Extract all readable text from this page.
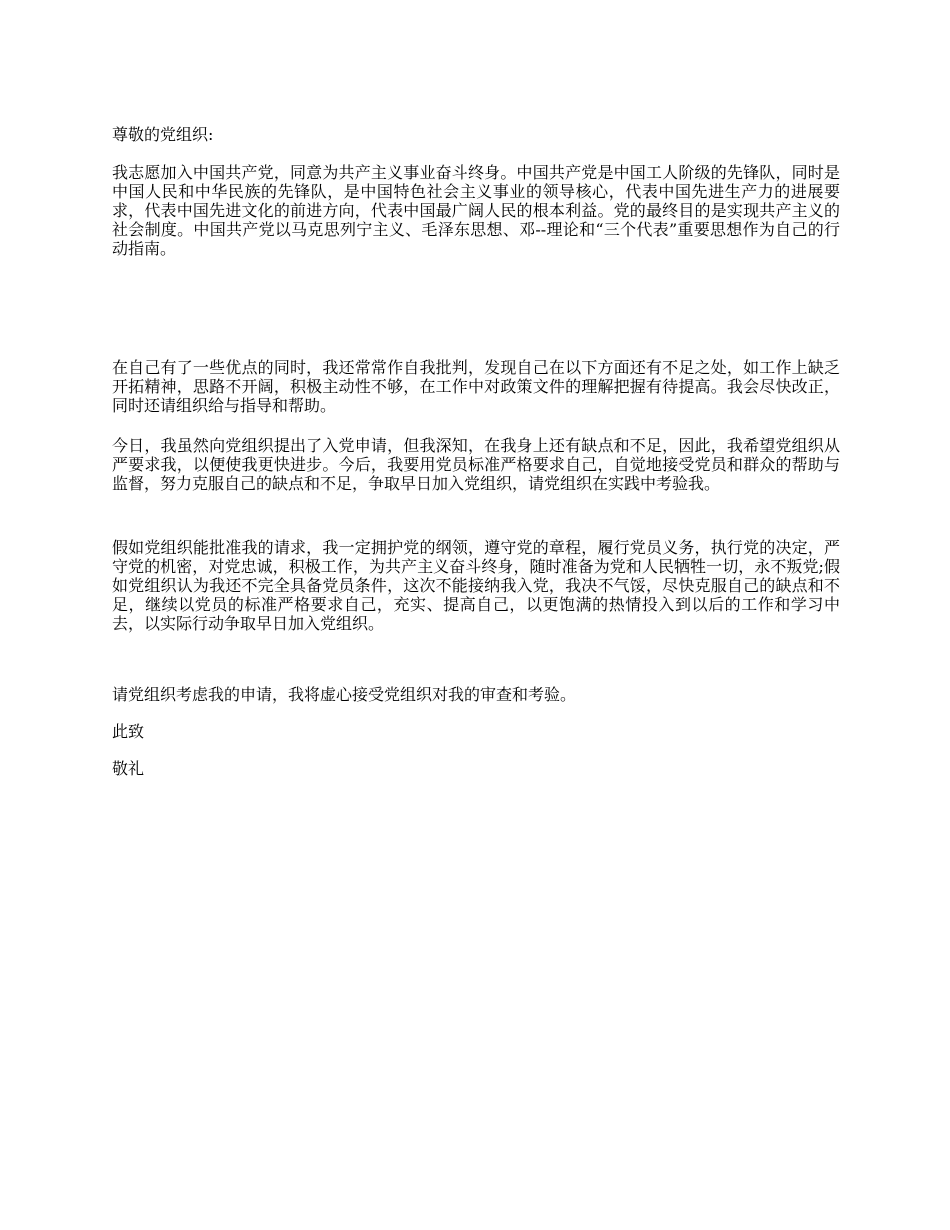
尊敬的党组织:

我志愿加入中国共产党，同意为共产主义事业奋斗终身。中国共产党是中国工人阶级的先锋队，同时是中国人民和中华民族的先锋队，是中国特色社会主义事业的领导核心，代表中国先进生产力的进展要求，代表中国先进文化的前进方向，代表中国最广阔人民的根本利益。党的最终目的是实现共产主义的社会制度。中国共产党以马克思列宁主义、毛泽东思想、邓--理论和“三个代表”重要思想作为自己的行动指南。

在自己有了一些优点的同时，我还常常作自我批判，发现自己在以下方面还有不足之处，如工作上缺乏开拓精神，思路不开阔，积极主动性不够，在工作中对政策文件的理解把握有待提高。我会尽快改正，同时还请组织给与指导和帮助。

今日，我虽然向党组织提出了入党申请，但我深知，在我身上还有缺点和不足，因此，我希望党组织从严要求我，以便使我更快进步。今后，我要用党员标准严格要求自己，自觉地接受党员和群众的帮助与监督，努力克服自己的缺点和不足，争取早日加入党组织，请党组织在实践中考验我。

假如党组织能批准我的请求，我一定拥护党的纲领，遵守党的章程，履行党员义务，执行党的决定，严守党的机密，对党忠诚，积极工作，为共产主义奋斗终身，随时准备为党和人民牺牲一切，永不叛党;假如党组织认为我还不完全具备党员条件，这次不能接纳我入党，我决不气馁，尽快克服自己的缺点和不足，继续以党员的标准严格要求自己，充实、提高自己，以更饱满的热情投入到以后的工作和学习中去，以实际行动争取早日加入党组织。

请党组织考虑我的申请，我将虚心接受党组织对我的审查和考验。

此致

敬礼
